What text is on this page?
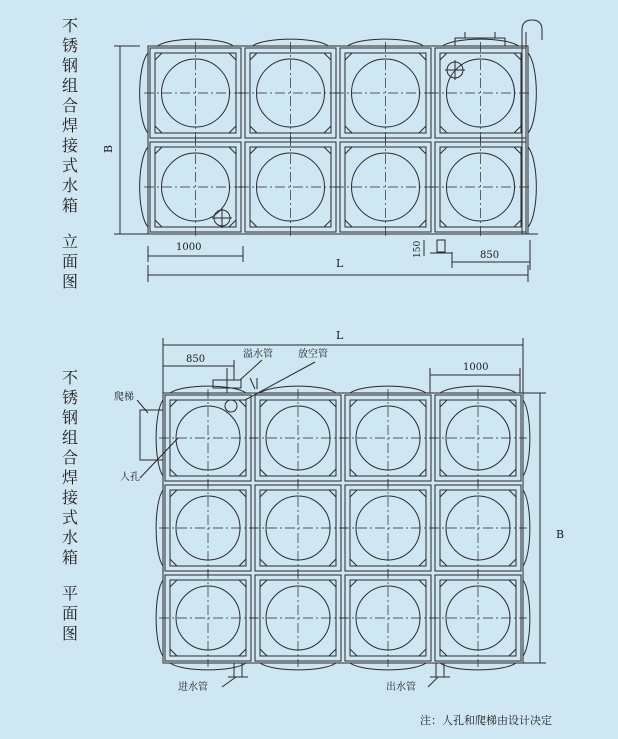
不
锈
钢
组
合
焊
接
式
水
箱
立
面
图
不
锈
钢
组
合
焊
接
式
水
箱
平
面
图
B
1000
L
150	850
L
850
1000
B
溢水管	放空管
爬梯
人孔
进水管	出水管
注：人孔和爬梯由设计决定
